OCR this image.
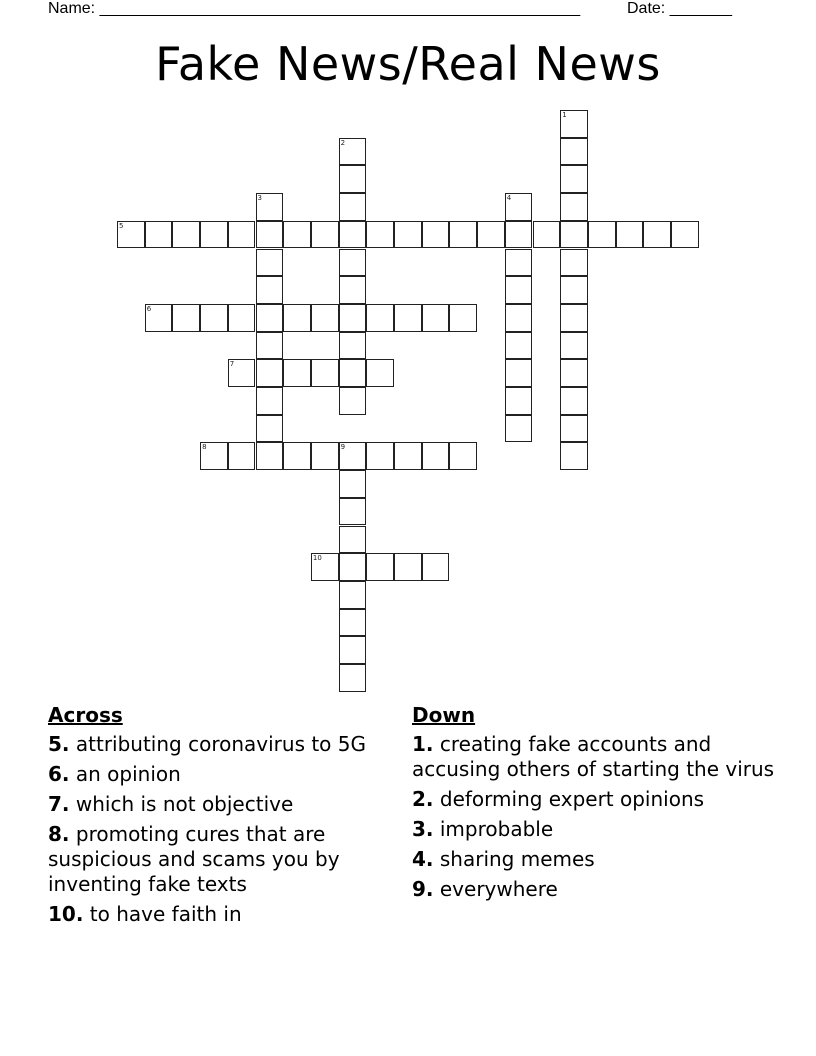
Name: ______________________________________________________	Date: _______
Fake News/Real News
1
2
3	4
5
6
7
8	9
10
Across
5. attributing coronavirus to 5G
6. an opinion
7. which is not objective
8. promoting cures that are suspicious and scams you by inventing fake texts
10. to have faith in
Down
1. creating fake accounts and accusing others of starting the virus
2. deforming expert opinions
3. improbable
4. sharing memes
9. everywhere
